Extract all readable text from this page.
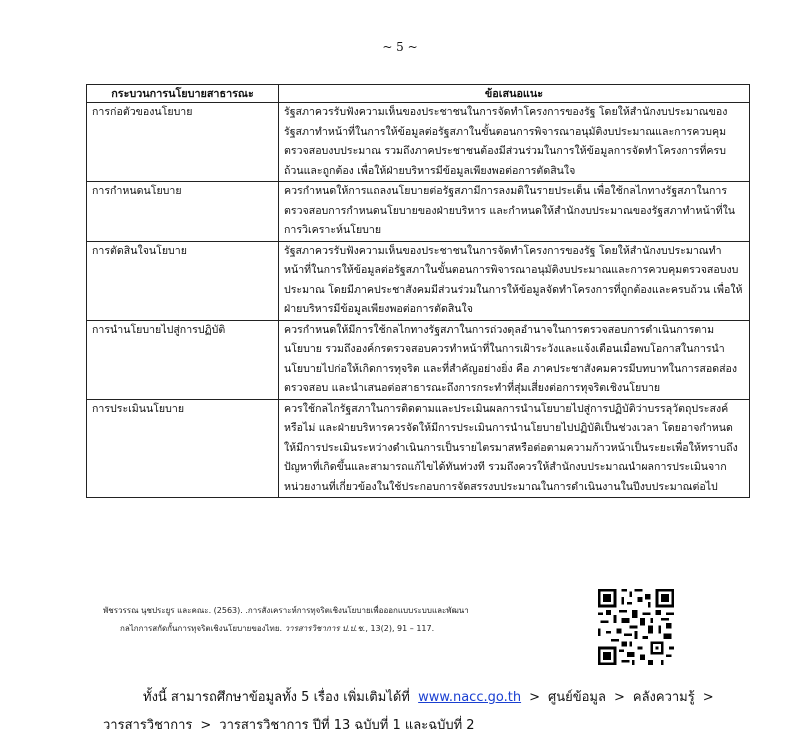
~ 5 ~
กระบวนการนโยบายสาธารณะ	ข้อเสนอแนะ
การก่อตัวของนโยบาย	รัฐสภาควรรับฟังความเห็นของประชาชนในการจัดทำโครงการของรัฐ โดยให้สำนักงบประมาณของรัฐสภาทำหน้าที่ในการให้ข้อมูลต่อรัฐสภาในขั้นตอนการพิจารณาอนุมัติงบประมาณและการควบคุมตรวจสอบงบประมาณ รวมถึงภาคประชาชนต้องมีส่วนร่วมในการให้ข้อมูลการจัดทำโครงการที่ครบถ้วนและถูกต้อง เพื่อให้ฝ่ายบริหารมีข้อมูลเพียงพอต่อการตัดสินใจ
การกำหนดนโยบาย	ควรกำหนดให้การแถลงนโยบายต่อรัฐสภามีการลงมติในรายประเด็น เพื่อใช้กลไกทางรัฐสภาในการตรวจสอบการกำหนดนโยบายของฝ่ายบริหาร และกำหนดให้สำนักงบประมาณของรัฐสภาทำหน้าที่ในการวิเคราะห์นโยบาย
การตัดสินใจนโยบาย	รัฐสภาควรรับฟังความเห็นของประชาชนในการจัดทำโครงการของรัฐ โดยให้สำนักงบประมาณทำหน้าที่ในการให้ข้อมูลต่อรัฐสภาในขั้นตอนการพิจารณาอนุมัติงบประมาณและการควบคุมตรวจสอบงบประมาณ โดยมีภาคประชาสังคมมีส่วนร่วมในการให้ข้อมูลจัดทำโครงการที่ถูกต้องและครบถ้วน เพื่อให้ฝ่ายบริหารมีข้อมูลเพียงพอต่อการตัดสินใจ
การนำนโยบายไปสู่การปฏิบัติ	ควรกำหนดให้มีการใช้กลไกทางรัฐสภาในการถ่วงดุลอำนาจในการตรวจสอบการดำเนินการตามนโยบาย รวมถึงองค์กรตรวจสอบควรทำหน้าที่ในการเฝ้าระวังและแจ้งเตือนเมื่อพบโอกาสในการนำนโยบายไปก่อให้เกิดการทุจริต และที่สำคัญอย่างยิ่ง คือ ภาคประชาสังคมควรมีบทบาทในการสอดส่อง ตรวจสอบ และนำเสนอต่อสาธารณะถึงการกระทำที่สุ่มเสี่ยงต่อการทุจริตเชิงนโยบาย
การประเมินนโยบาย	ควรใช้กลไกรัฐสภาในการติดตามและประเมินผลการนำนโยบายไปสู่การปฏิบัติว่าบรรลุวัตถุประสงค์หรือไม่ และฝ่ายบริหารควรจัดให้มีการประเมินการนำนโยบายไปปฏิบัติเป็นช่วงเวลา โดยอาจกำหนดให้มีการประเมินระหว่างดำเนินการเป็นรายไตรมาสหรือต่อตามความก้าวหน้าเป็นระยะเพื่อให้ทราบถึงปัญหาที่เกิดขึ้นและสามารถแก้ไขได้ทันท่วงที รวมถึงควรให้สำนักงบประมาณนำผลการประเมินจากหน่วยงานที่เกี่ยวข้องในใช้ประกอบการจัดสรรงบประมาณในการดำเนินงานในปีงบประมาณต่อไป
พัชรวรรณ นุชประยูร และคณะ. (2563). .การสังเคราะห์การทุจริตเชิงนโยบายเพื่อออกแบบระบบและพัฒนา
กลไกการสกัดกั้นการทุจริตเชิงนโยบายของไทย. วารสารวิชาการ ป.ป.ช., 13(2), 91 – 117.
ทั้งนี้ สามารถศึกษาข้อมูลทั้ง 5 เรื่อง เพิ่มเติมได้ที่ www.nacc.go.th > ศูนย์ข้อมูล > คลังความรู้ >
วารสารวิชาการ > วารสารวิชาการ ปีที่ 13 ฉบับที่ 1 และฉบับที่ 2
